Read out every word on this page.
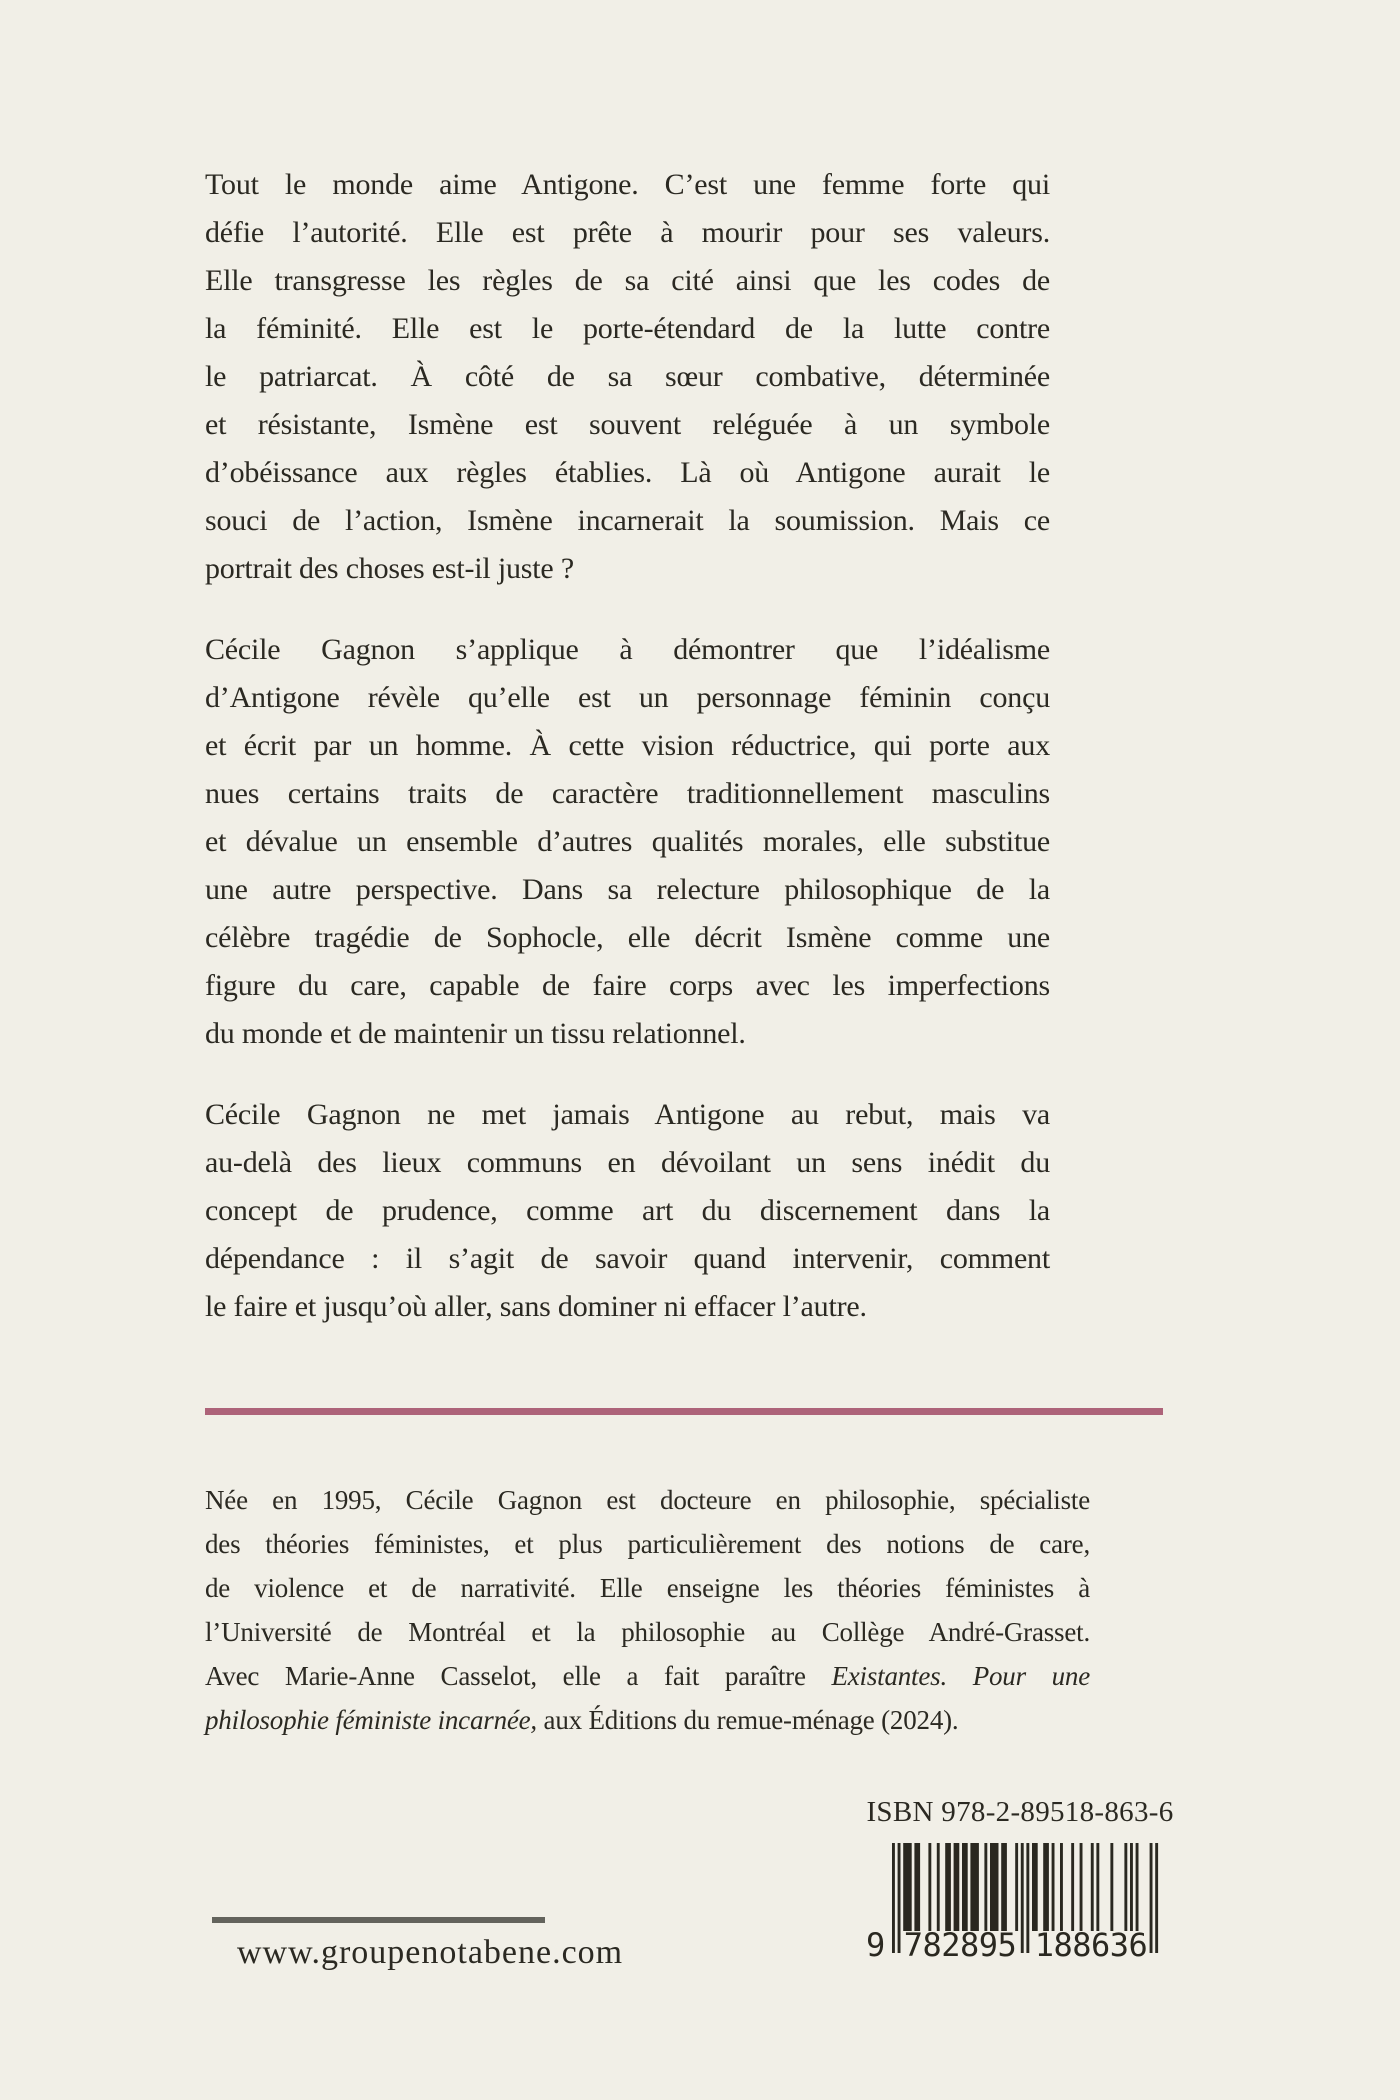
Tout le monde aime Antigone. C’est une femme forte qui
défie l’autorité. Elle est prête à mourir pour ses valeurs.
Elle transgresse les règles de sa cité ainsi que les codes de
la féminité. Elle est le porte-étendard de la lutte contre
le patriarcat. À côté de sa sœur combative, déterminée
et résistante, Ismène est souvent reléguée à un symbole
d’obéissance aux règles établies. Là où Antigone aurait le
souci de l’action, Ismène incarnerait la soumission. Mais ce
portrait des choses est-il juste ?
Cécile Gagnon s’applique à démontrer que l’idéalisme
d’Antigone révèle qu’elle est un personnage féminin conçu
et écrit par un homme. À cette vision réductrice, qui porte aux
nues certains traits de caractère traditionnellement masculins
et dévalue un ensemble d’autres qualités morales, elle substitue
une autre perspective. Dans sa relecture philosophique de la
célèbre tragédie de Sophocle, elle décrit Ismène comme une
figure du care, capable de faire corps avec les imperfections
du monde et de maintenir un tissu relationnel.
Cécile Gagnon ne met jamais Antigone au rebut, mais va
au-delà des lieux communs en dévoilant un sens inédit du
concept de prudence, comme art du discernement dans la
dépendance : il s’agit de savoir quand intervenir, comment
le faire et jusqu’où aller, sans dominer ni effacer l’autre.
Née en 1995, Cécile Gagnon est docteure en philosophie, spécialiste
des théories féministes, et plus particulièrement des notions de care,
de violence et de narrativité. Elle enseigne les théories féministes à
l’Université de Montréal et la philosophie au Collège André-Grasset.
Avec Marie-Anne Casselot, elle a fait paraître Existantes. Pour une
philosophie féministe incarnée, aux Éditions du remue-ménage (2024).
ISBN 978-2-89518-863-6
9 782895 188636
www.groupenotabene.com
